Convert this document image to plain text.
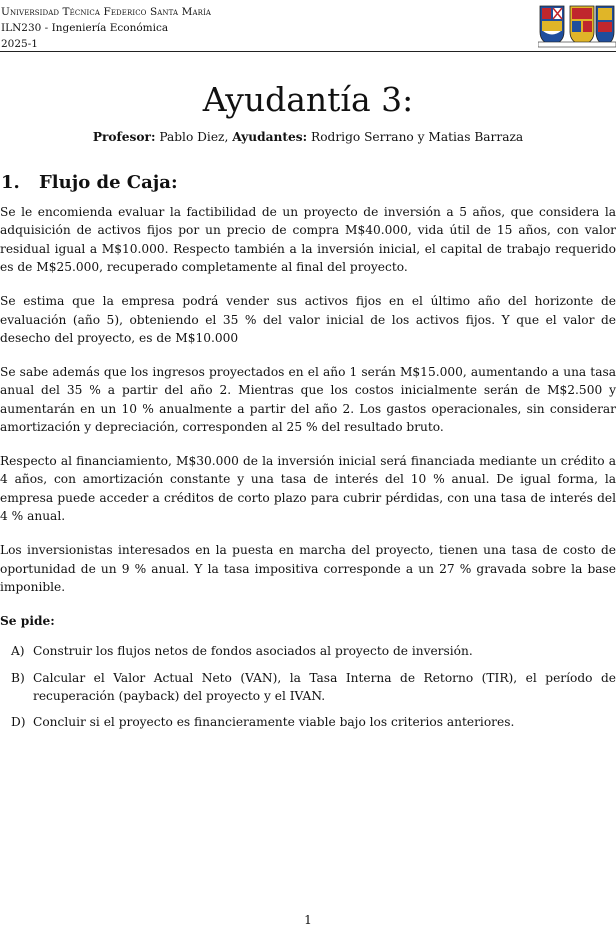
Universidad Técnica Federico Santa María
ILN230 - Ingeniería Económica
2025-1
Ayudantía 3:
Profesor: Pablo Diez, Ayudantes: Rodrigo Serrano y Matias Barraza
1. Flujo de Caja:

Se le encomienda evaluar la factibilidad de un proyecto de inversión a 5 años, que considera la adquisición de activos fijos por un precio de compra M$40.000, vida útil de 15 años, con valor residual igual a M$10.000. Respecto también a la inversión inicial, el capital de trabajo requerido es de M$25.000, recuperado completamente al final del proyecto.

Se estima que la empresa podrá vender sus activos fijos en el último año del horizonte de evaluación (año 5), obteniendo el 35 % del valor inicial de los activos fijos. Y que el valor de desecho del proyecto, es de M$10.000

Se sabe además que los ingresos proyectados en el año 1 serán M$15.000, aumentando a una tasa anual del 35 % a partir del año 2. Mientras que los costos inicialmente serán de M$2.500 y aumentarán en un 10 % anualmente a partir del año 2. Los gastos operacionales, sin considerar amortización y depreciación, corresponden al 25 % del resultado bruto.

Respecto al financiamiento, M$30.000 de la inversión inicial será financiada mediante un crédito a 4 años, con amortización constante y una tasa de interés del 10 % anual. De igual forma, la empresa puede acceder a créditos de corto plazo para cubrir pérdidas, con una tasa de interés del 4 % anual.

Los inversionistas interesados en la puesta en marcha del proyecto, tienen una tasa de costo de oportunidad de un 9 % anual. Y la tasa impositiva corresponde a un 27 % gravada sobre la base imponible.

Se pide:
A) Construir los flujos netos de fondos asociados al proyecto de inversión.
B) Calcular el Valor Actual Neto (VAN), la Tasa Interna de Retorno (TIR), el período de recuperación (payback) del proyecto y el IVAN.
D) Concluir si el proyecto es financieramente viable bajo los criterios anteriores.
1
